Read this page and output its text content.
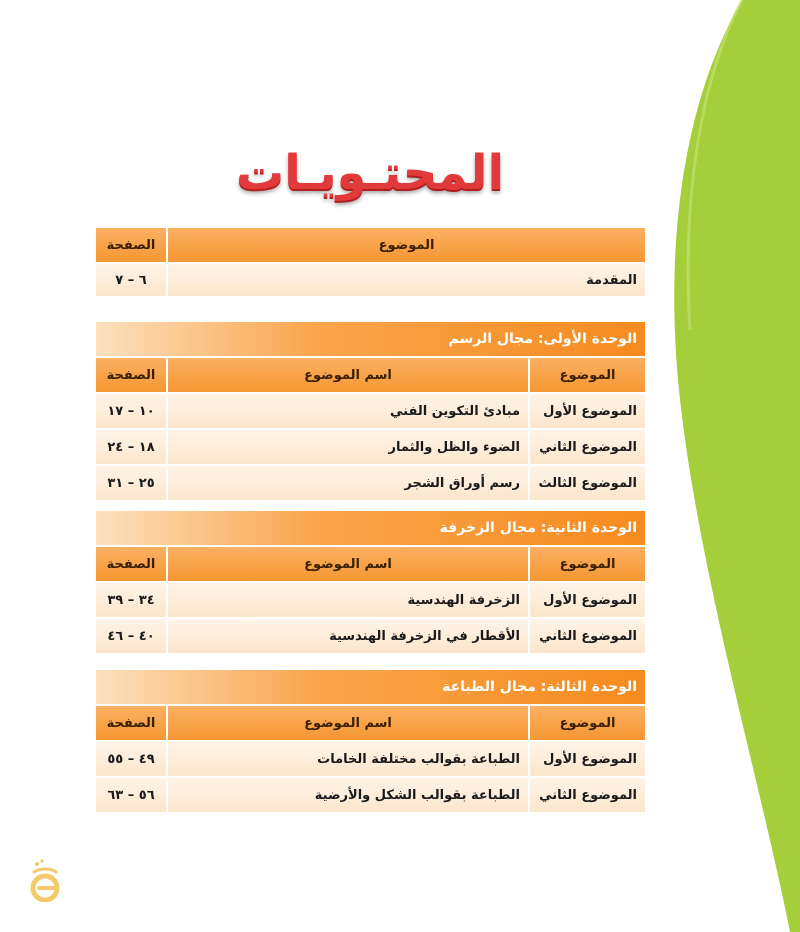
المحتـويـات
الموضوع
الصفحة
المقدمة
٦ – ٧
الوحدة الأولى: مجال الرسم
الموضوع
اسم الموضوع
الصفحة
الموضوع الأول
مبادئ التكوين الفني
١٠ – ١٧
الموضوع الثاني
الضوء والظل والثمار
١٨ – ٢٤
الموضوع الثالث
رسم أوراق الشجر
٢٥ – ٣١
الوحدة الثانية: مجال الزخرفة
الموضوع
اسم الموضوع
الصفحة
الموضوع الأول
الزخرفة الهندسية
٣٤ – ٣٩
الموضوع الثاني
الأقطار في الزخرفة الهندسية
٤٠ – ٤٦
الوحدة الثالثة: مجال الطباعة
الموضوع
اسم الموضوع
الصفحة
الموضوع الأول
الطباعة بقوالب مختلفة الخامات
٤٩ – ٥٥
الموضوع الثاني
الطباعة بقوالب الشكل والأرضية
٥٦ – ٦٣
